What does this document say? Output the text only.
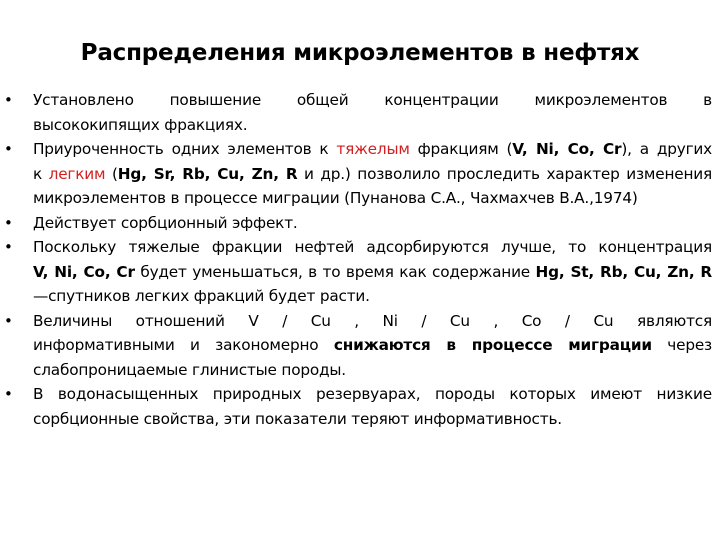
Распределения микроэлементов в нефтях
•	Установлено повышение общей концентрации микроэлементов в
высококипящих фракциях.
•	Приуроченность одних элементов к тяжелым фракциям (V, Ni, Co, Cr), а других
к легким (Hg, Sr, Rb, Cu, Zn, R и др.) позволило проследить характер изменения
микроэлементов в процессе миграции (Пунанова С.А., Чахмахчев В.А.,1974)
•	Действует сорбционный эффект.
•	Поскольку тяжелые фракции нефтей адсорбируются лучше, то концентрация
V, Ni, Co, Cr будет уменьшаться, в то время как содержание Hg, St, Rb, Cu, Zn, R
—спутников легких фракций будет расти.
•	Величины отношений V / Cu , Ni / Cu , Co / Cu являются
информативными и закономерно снижаются в процессе миграции через
слабопроницаемые глинистые породы.
•	В водонасыщенных природных резервуарах, породы которых имеют низкие
сорбционные свойства, эти показатели теряют информативность.
